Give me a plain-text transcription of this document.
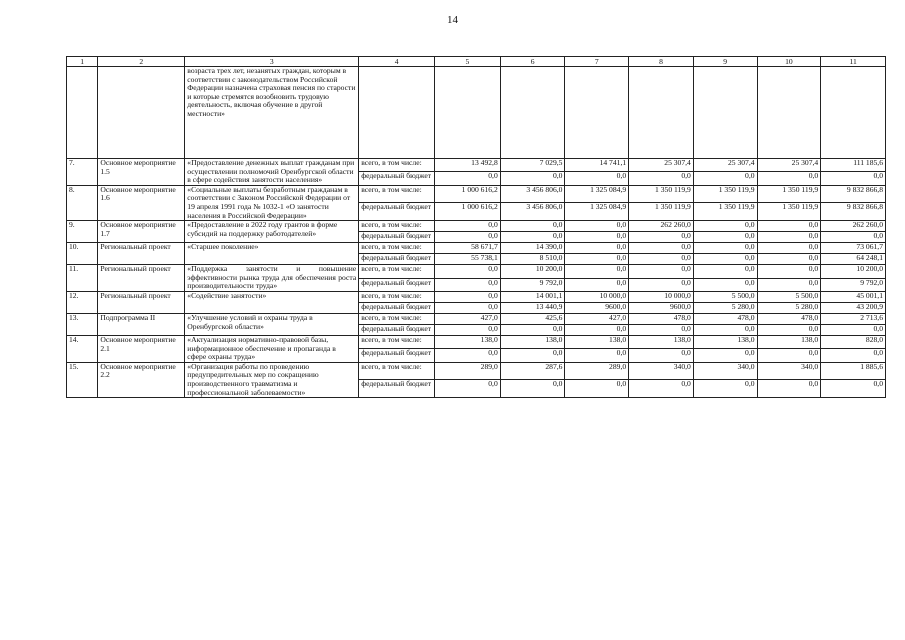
14
1	2	3	4	5	6	7	8	9	10	11
		возраста трех лет, незанятых граждан, которым в соответствии с законодательством Российской Федерации назначена страховая пенсия по старости и которые стремятся возобновить трудовую деятельность, включая обучение в другой местности»								
7.	Основное мероприятие 1.5	«Предоставление денежных выплат гражданам при осуществлении полномочий Оренбургской области в сфере содействия занятости населения»	всего, в том числе:	13 492,8	7 029,5	14 741,1	25 307,4	25 307,4	25 307,4	111 185,6
			федеральный бюджет	0,0	0,0	0,0	0,0	0,0	0,0	0,0
8.	Основное мероприятие 1.6	«Социальные выплаты безработным гражданам в соответствии с Законом Российской Федерации от 19 апреля 1991 года № 1032-1 «О занятости населения в Российской Федерации»	всего, в том числе:	1 000 616,2	3 456 806,0	1 325 084,9	1 350 119,9	1 350 119,9	1 350 119,9	9 832 866,8
			федеральный бюджет	1 000 616,2	3 456 806,0	1 325 084,9	1 350 119,9	1 350 119,9	1 350 119,9	9 832 866,8
9.	Основное мероприятие 1.7	«Предоставление в 2022 году грантов в форме субсидий на поддержку работодателей»	всего, в том числе:	0,0	0,0	0,0	262 260,0	0,0	0,0	262 260,0
			федеральный бюджет	0,0	0,0	0,0	0,0	0,0	0,0	0,0
10.	Региональный проект	«Старшее поколение»	всего, в том числе:	58 671,7	14 390,0	0,0	0,0	0,0	0,0	73 061,7
			федеральный бюджет	55 738,1	8 510,0	0,0	0,0	0,0	0,0	64 248,1
11.	Региональный проект	«Поддержка занятости и повышение эффективности рынка труда для обеспечения роста производительности труда»	всего, в том числе:	0,0	10 200,0	0,0	0,0	0,0	0,0	10 200,0
			федеральный бюджет	0,0	9 792,0	0,0	0,0	0,0	0,0	9 792,0
12.	Региональный проект	«Содействие занятости»	всего, в том числе:	0,0	14 001,1	10 000,0	10 000,0	5 500,0	5 500,0	45 001,1
			федеральный бюджет	0,0	13 440,9	9600,0	9600,0	5 280,0	5 280,0	43 200,9
13.	Подпрограмма II	«Улучшение условий и охраны труда в Оренбургской области»	всего, в том числе:	427,0	425,6	427,0	478,0	478,0	478,0	2 713,6
			федеральный бюджет	0,0	0,0	0,0	0,0	0,0	0,0	0,0
14.	Основное мероприятие 2.1	«Актуализация нормативно-правовой базы, информационное обеспечение и пропаганда в сфере охраны труда»	всего, в том числе:	138,0	138,0	138,0	138,0	138,0	138,0	828,0
			федеральный бюджет	0,0	0,0	0,0	0,0	0,0	0,0	0,0
15.	Основное мероприятие 2.2	«Организация работы по проведению предупредительных мер по сокращению производственного травматизма и профессиональной заболеваемости»	всего, в том числе:	289,0	287,6	289,0	340,0	340,0	340,0	1 885,6
			федеральный бюджет	0,0	0,0	0,0	0,0	0,0	0,0	0,0
